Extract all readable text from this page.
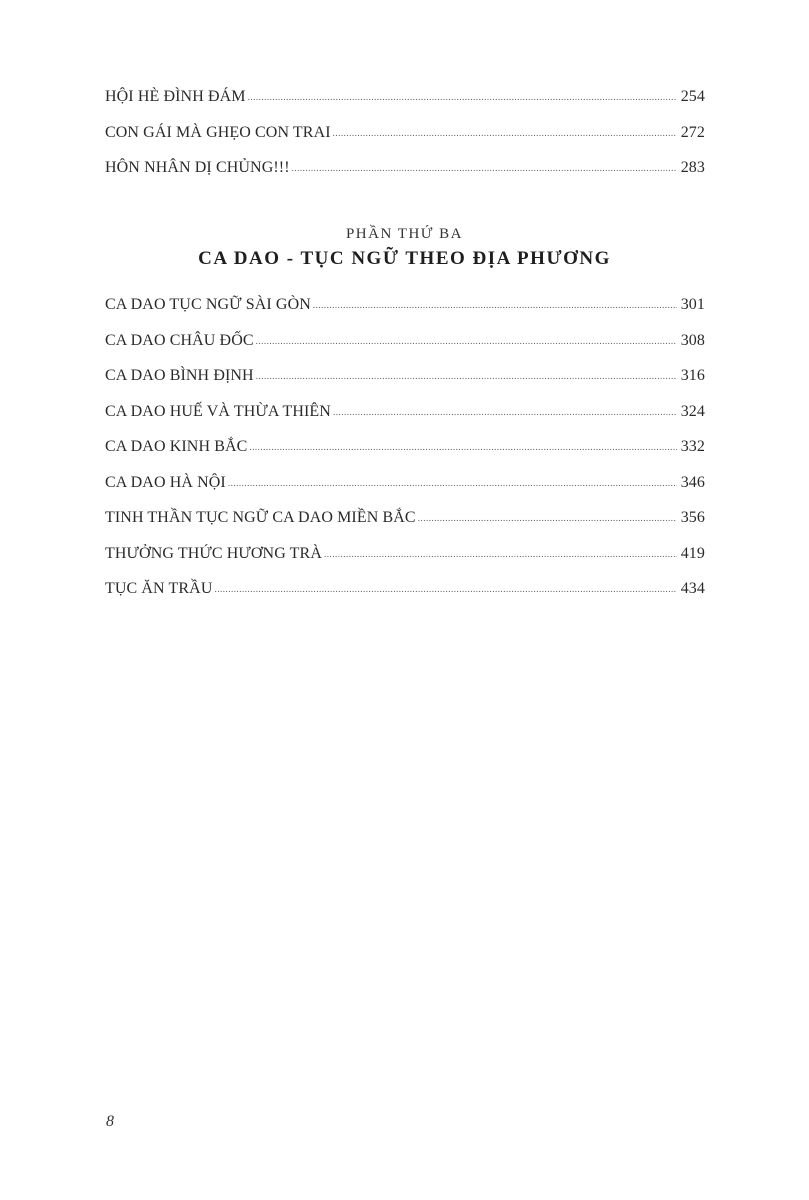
HỘI HÈ ĐÌNH ĐÁM .....	254
CON GÁI MÀ GHẸO CON TRAI .....	272
HÔN NHÂN DỊ CHỦNG!!! .....	283
PHẦN THỨ BA
CA DAO - TỤC NGỮ THEO ĐỊA PHƯƠNG
CA DAO TỤC NGỮ SÀI GÒN .....	301
CA DAO CHÂU ĐỐC .....	308
CA DAO BÌNH ĐỊNH .....	316
CA DAO HUẾ VÀ THỪA THIÊN .....	324
CA DAO KINH BẮC .....	332
CA DAO HÀ NỘI .....	346
TINH THẦN TỤC NGỮ CA DAO MIỀN BẮC .....	356
THƯỞNG THỨC HƯƠNG TRÀ .....	419
TỤC ĂN TRẦU .....	434
8
